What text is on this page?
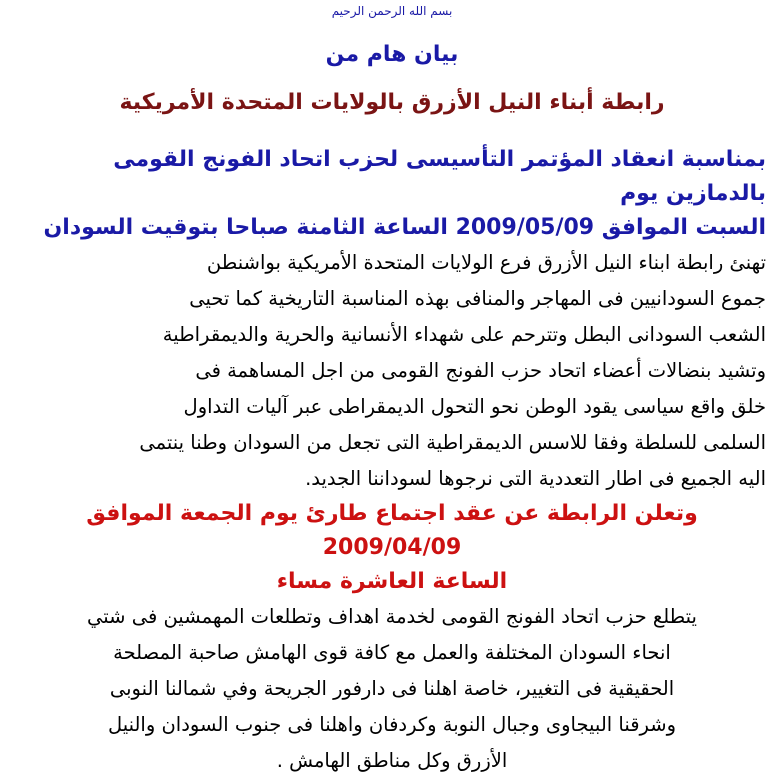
بسم الله الرحمن الرحيم
بيان هام من
رابطة أبناء النيل الأزرق بالولايات المتحدة الأمريكية
بمناسبة انعقاد المؤتمر التأسيسى لحزب اتحاد الفونج القومى بالدمازين يوم
السبت الموافق 2009/05/09 الساعة الثامنة صباحا بتوقيت السودان
تهنئ رابطة ابناء النيل الأزرق فرع الولايات المتحدة الأمريكية بواشنطن
جموع السودانيين فى المهاجر والمنافى بهذه المناسبة التاريخية كما تحيى
الشعب السودانى البطل وتترحم على شهداء الأنسانية والحرية والديمقراطية
وتشيد بنضالات أعضاء اتحاد حزب الفونج القومى من اجل المساهمة فى
خلق واقع سياسى يقود الوطن نحو التحول الديمقراطى عبر آليات التداول
السلمى للسلطة وفقا للاسس الديمقراطية التى تجعل من السودان وطنا ينتمى
اليه الجميع فى اطار التعددية التى نرجوها لسوداننا الجديد.
وتعلن الرابطة عن عقد اجتماع طارئ يوم الجمعة الموافق 2009/04/09
الساعة العاشرة مساء
يتطلع حزب اتحاد الفونج القومى لخدمة اهداف وتطلعات المهمشين فى شتي
انحاء السودان المختلفة والعمل مع كافة قوى الهامش صاحبة المصلحة
الحقيقية فى التغيير، خاصة اهلنا فى دارفور الجريحة وفي شمالنا النوبى
وشرقنا البيجاوى وجبال النوبة وكردفان واهلنا فى جنوب السودان والنيل
الأزرق وكل مناطق الهامش .
